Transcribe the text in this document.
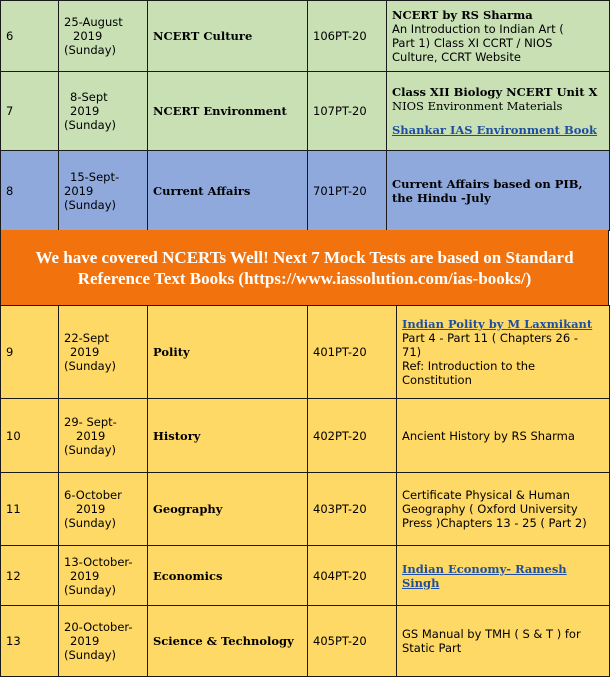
6	25-August
2019
(Sunday)	NCERT Culture	106PT-20	NCERT by RS Sharma
An Introduction to Indian Art (
Part 1) Class XI CCRT / NIOS
Culture, CCRT Website

7	8-Sept
2019
(Sunday)	NCERT Environment	107PT-20	Class XII Biology NCERT Unit X
NIOS Environment Materials
Shankar IAS Environment Book

8	15-Sept-
2019
(Sunday)	Current Affairs	701PT-20	Current Affairs based on PIB,
the Hindu -July
We have covered NCERTs Well! Next 7 Mock Tests are based on Standard
Reference Text Books (https://www.iassolution.com/ias-books/)
9	22-Sept
2019
(Sunday)	Polity	401PT-20	Indian Polity by M Laxmikant
Part 4 - Part 11 ( Chapters 26 -
71)
Ref: Introduction to the
Constitution

10	29- Sept-
2019
(Sunday)	History	402PT-20	Ancient History by RS Sharma

11	6-October
2019
(Sunday)	Geography	403PT-20	Certificate Physical & Human
Geography ( Oxford University
Press )Chapters 13 - 25 ( Part 2)

12	13-October-
2019
(Sunday)	Economics	404PT-20	Indian Economy- Ramesh
Singh

13	20-October-
2019
(Sunday)	Science & Technology	405PT-20	GS Manual by TMH ( S & T ) for
Static Part
